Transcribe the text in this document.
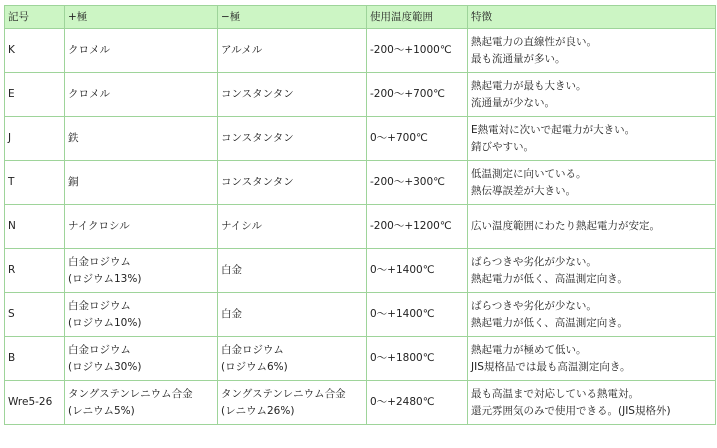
記号	+極	−極	使用温度範囲	特徴
K	クロメル	アルメル	-200～+1000℃	熱起電力の直線性が良い。
最も流通量が多い。

E	クロメル	コンスタンタン	-200～+700℃	熱起電力が最も大きい。
流通量が少ない。

J	鉄	コンスタンタン	0～+700℃	E熱電対に次いで起電力が大きい。
錆びやすい。

T	銅	コンスタンタン	-200～+300℃	低温測定に向いている。
熱伝導誤差が大きい。

N	ナイクロシル	ナイシル	-200～+1200℃	広い温度範囲にわたり熱起電力が安定。

R	白金ロジウム
(ロジウム13%)	白金	0～+1400℃	ばらつきや劣化が少ない。
熱起電力が低く、高温測定向き。

S	白金ロジウム
(ロジウム10%)	白金	0～+1400℃	ばらつきや劣化が少ない。
熱起電力が低く、高温測定向き。

B	白金ロジウム
(ロジウム30%)	白金ロジウム
(ロジウム6%)	0～+1800℃	熱起電力が極めて低い。
JIS規格品では最も高温測定向き。

Wre5-26	タングステンレニウム合金
(レニウム5%)	タングステンレニウム合金
(レニウム26%)	0～+2480℃	最も高温まで対応している熱電対。
還元雰囲気のみで使用できる。(JIS規格外)
